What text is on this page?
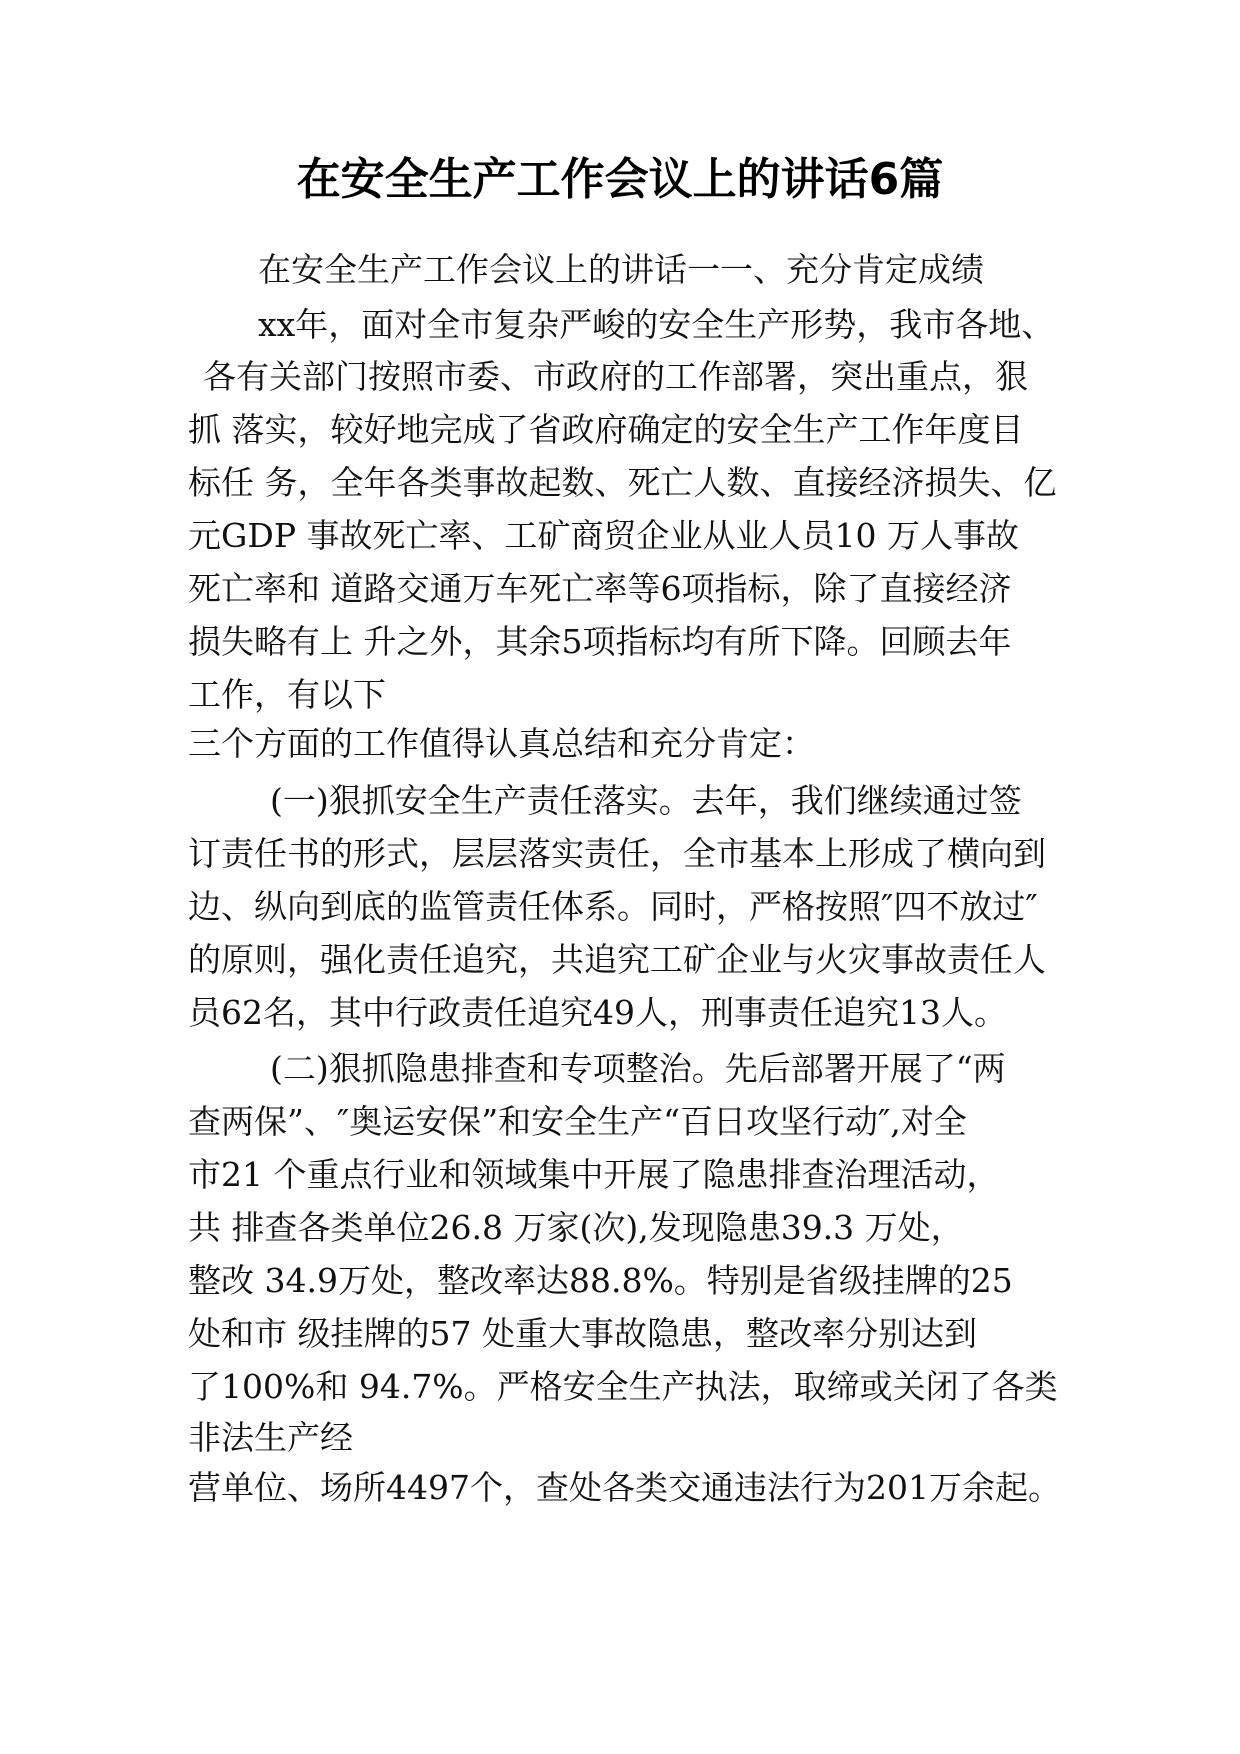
在安全生产工作会议上的讲话6篇
在安全生产工作会议上的讲话一一、充分肯定成绩
xx年，面对全市复杂严峻的安全生产形势，我市各地、
各有关部门按照市委、市政府的工作部署，突出重点，狠
抓 落实，较好地完成了省政府确定的安全生产工作年度目
标任 务，全年各类事故起数、死亡人数、直接经济损失、亿
元GDP 事故死亡率、工矿商贸企业从业人员10 万人事故
死亡率和 道路交通万车死亡率等6项指标，除了直接经济
损失略有上 升之外，其余5项指标均有所下降。回顾去年
工作，有以下
三个方面的工作值得认真总结和充分肯定：
(一)狠抓安全生产责任落实。去年，我们继续通过签
订责任书的形式，层层落实责任，全市基本上形成了横向到
边、纵向到底的监管责任体系。同时，严格按照″四不放过″
的原则，强化责任追究，共追究工矿企业与火灾事故责任人
员62名，其中行政责任追究49人，刑事责任追究13人。
(二)狠抓隐患排查和专项整治。先后部署开展了“两
查两保”、″奥运安保”和安全生产“百日攻坚行动″,对全
市21 个重点行业和领域集中开展了隐患排查治理活动，
共 排查各类单位26.8 万家(次),发现隐患39.3 万处，
整改 34.9万处，整改率达88.8%。特别是省级挂牌的25
处和市 级挂牌的57 处重大事故隐患，整改率分别达到
了100%和 94.7%。严格安全生产执法，取缔或关闭了各类
非法生产经
营单位、场所4497个，查处各类交通违法行为201万余起。
